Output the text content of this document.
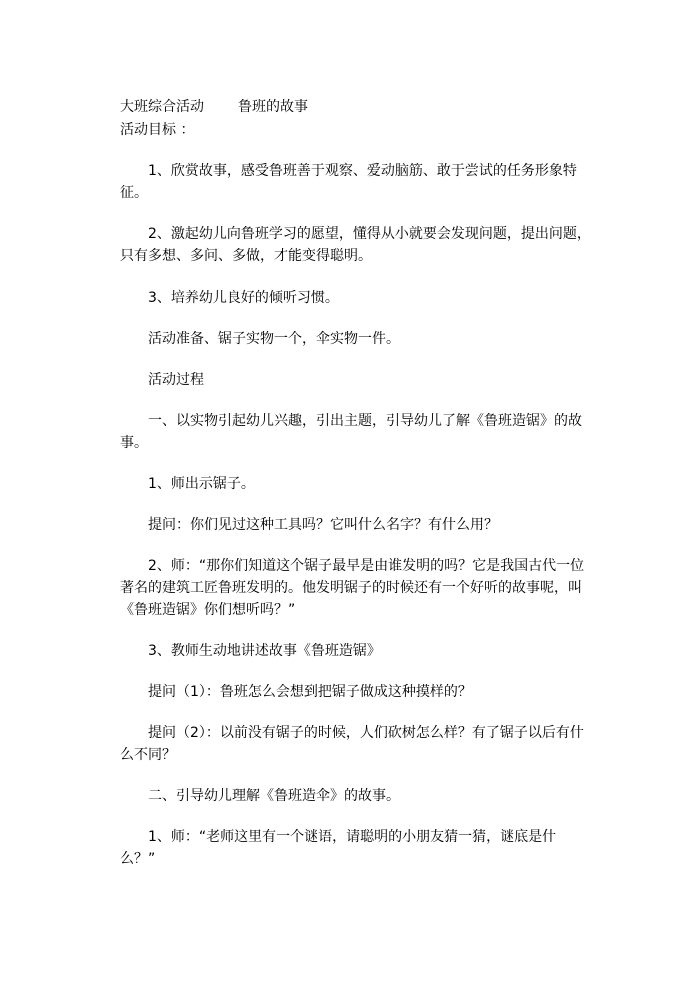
大班综合活动 鲁班的故事
活动目标 ：
1、欣赏故事，感受鲁班善于观察、爱动脑筋、敢于尝试的任务形象特
征。
2、激起幼儿向鲁班学习的愿望，懂得从小就要会发现问题，提出问题，
只有多想、多问、多做，才能变得聪明。
3、培养幼儿良好的倾听习惯。
活动准备、锯子实物一个，伞实物一件。
活动过程
一、以实物引起幼儿兴趣，引出主题，引导幼儿了解《鲁班造锯》的故
事。
1、师出示锯子。
提问：你们见过这种工具吗？它叫什么名字？有什么用？
2、师：“那你们知道这个锯子最早是由谁发明的吗？它是我国古代一位
著名的建筑工匠鲁班发明的。他发明锯子的时候还有一个好听的故事呢，叫
《鲁班造锯》你们想听吗？”
3、教师生动地讲述故事《鲁班造锯》
提问（1）：鲁班怎么会想到把锯子做成这种摸样的？
提问（2）：以前没有锯子的时候，人们砍树怎么样？有了锯子以后有什
么不同？
二、引导幼儿理解《鲁班造伞》的故事。
1、师：“老师这里有一个谜语，请聪明的小朋友猜一猜，谜底是什
么？”
